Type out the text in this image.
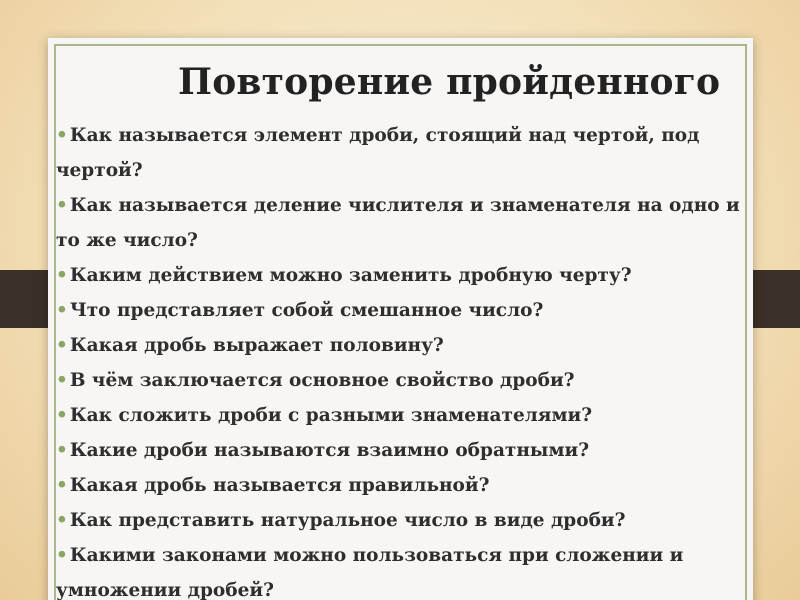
Повторение пройденного
• Как называется элемент дроби, стоящий над чертой, под чертой?
• Как называется деление числителя и знаменателя на одно и то же число?
• Каким действием можно заменить дробную черту?
• Что представляет собой смешанное число?
• Какая дробь выражает половину?
• В чём заключается основное свойство дроби?
• Как сложить дроби с разными знаменателями?
• Какие дроби называются взаимно обратными?
• Какая дробь называется правильной?
• Как представить натуральное число в виде дроби?
• Какими законами можно пользоваться при сложении и умножении дробей?
